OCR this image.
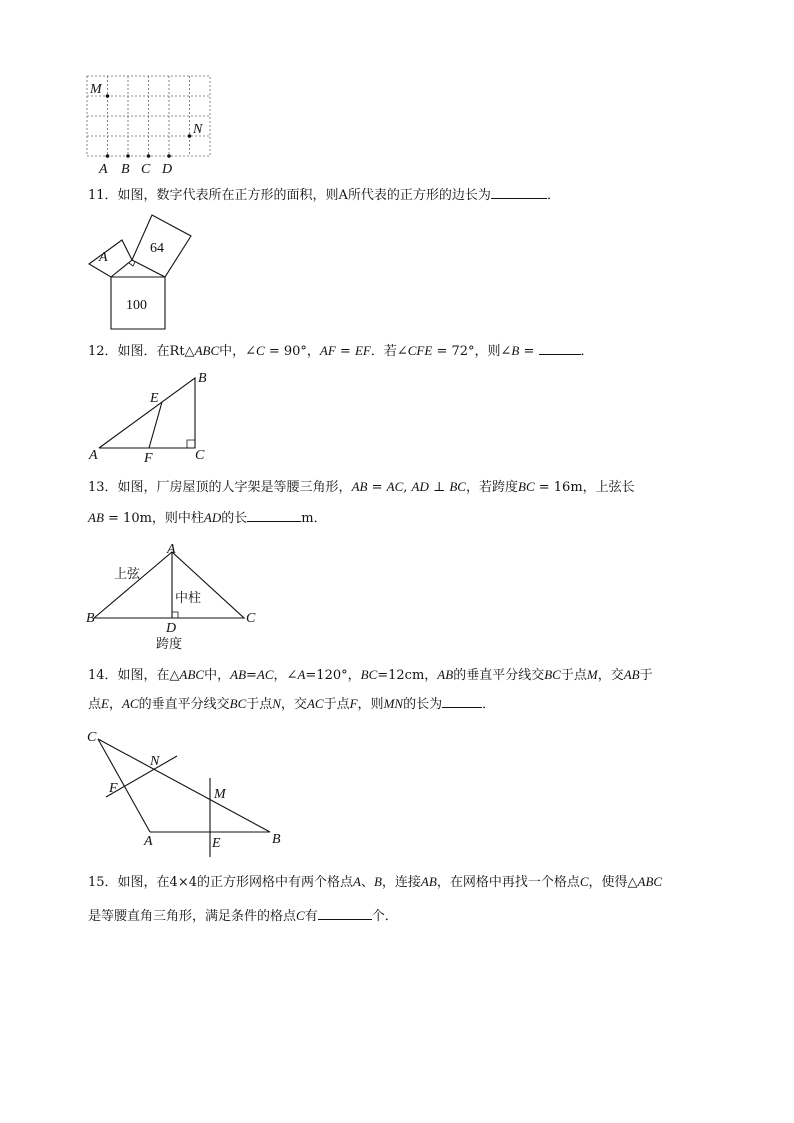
M
N
A B C D
11．如图，数字代表所在正方形的面积，则A所代表的正方形的边长为	．
A
64
100
12．如图．在Rt△ABC中，∠C = 90°，AF = EF．若∠CFE = 72°，则∠B =	．
A
B
C
E
F
13．如图，厂房屋顶的人字架是等腰三角形，AB = AC, AD ⊥ BC，若跨度BC = 16m，上弦长
AB = 10m，则中柱AD的长	m．
A
B	C
D
上弦
中柱
跨度
14．如图，在△ABC中，AB=AC，∠A=120°，BC=12cm，AB的垂直平分线交BC于点M，交AB于
点E，AC的垂直平分线交BC于点N，交AC于点F，则MN的长为	．
C
N
F	M
A	E	B
15．如图，在4×4的正方形网格中有两个格点A、B，连接AB，在网格中再找一个格点C，使得△ABC
是等腰直角三角形，满足条件的格点C有	个．
